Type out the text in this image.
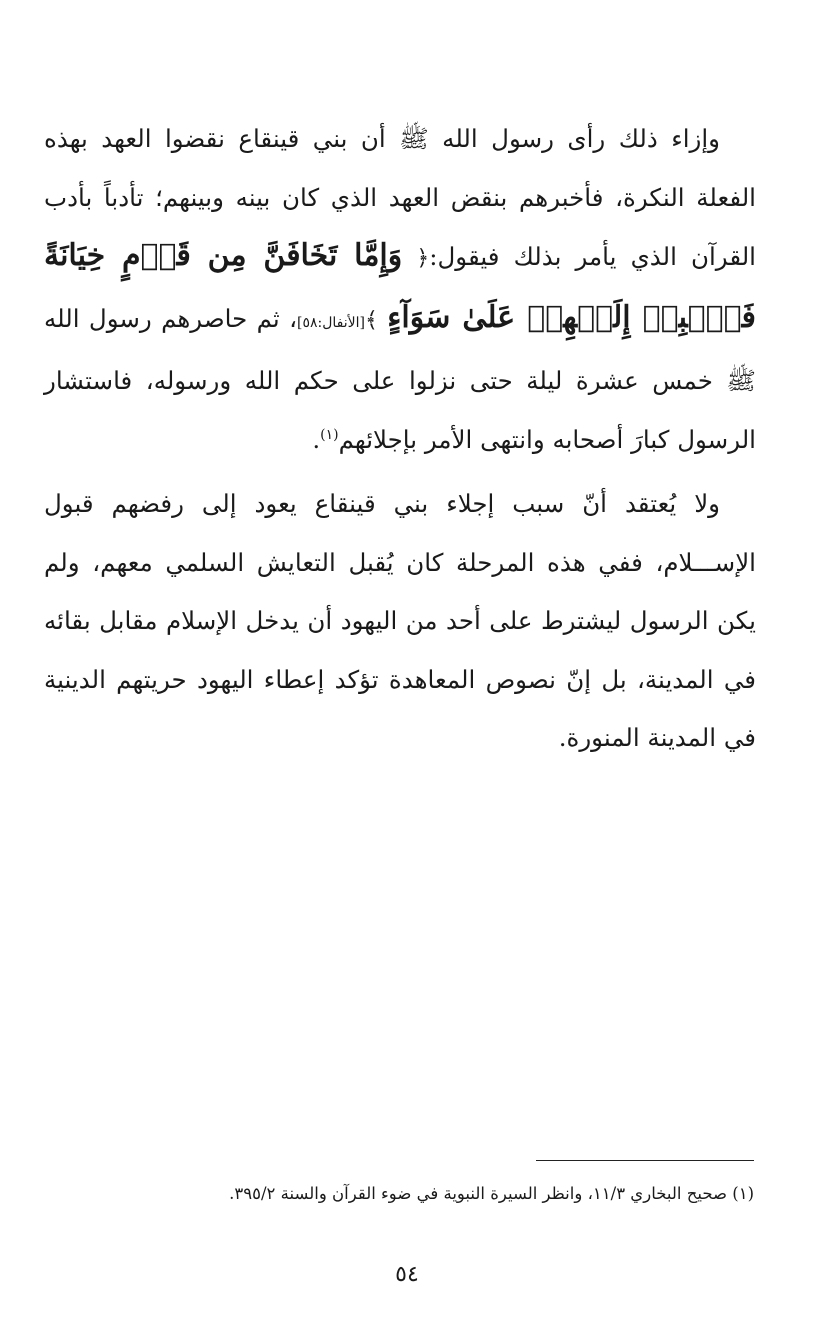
وإزاء ذلك رأى رسول الله ﷺ أن بني قينقاع نقضوا العهد بهذه الفعلة النكرة، فأخبرهم بنقض العهد الذي كان بينه وبينهم؛ تأدباً بأدب القرآن الذي يأمر بذلك فيقول:﴿ وَإِمَّا تَخَافَنَّ مِن قَوۡمٍ خِيَانَةً فَٱنۢبِذۡ إِلَيۡهِمۡ عَلَىٰ سَوَآءٍ ﴾[الأنفال:٥٨]، ثم حاصرهم رسول الله ﷺ خمس عشرة ليلة حتى نزلوا على حكم الله ورسوله، فاستشار الرسول كبارَ أصحابه وانتهى الأمر بإجلائهم$^{(١)}$.

ولا يُعتقد أنّ سبب إجلاء بني قينقاع يعود إلى رفضهم قبول الإســـلام، ففي هذه المرحلة كان يُقبل التعايش السلمي معهم، ولم يكن الرسول ليشترط على أحد من اليهود أن يدخل الإسلام مقابل بقائه في المدينة، بل إنّ نصوص المعاهدة تؤكد إعطاء اليهود حريتهم الدينية في المدينة المنورة.

(١) صحيح البخاري ١١/٣، وانظر السيرة النبوية في ضوء القرآن والسنة ٣٩٥/٢.
٥٤
